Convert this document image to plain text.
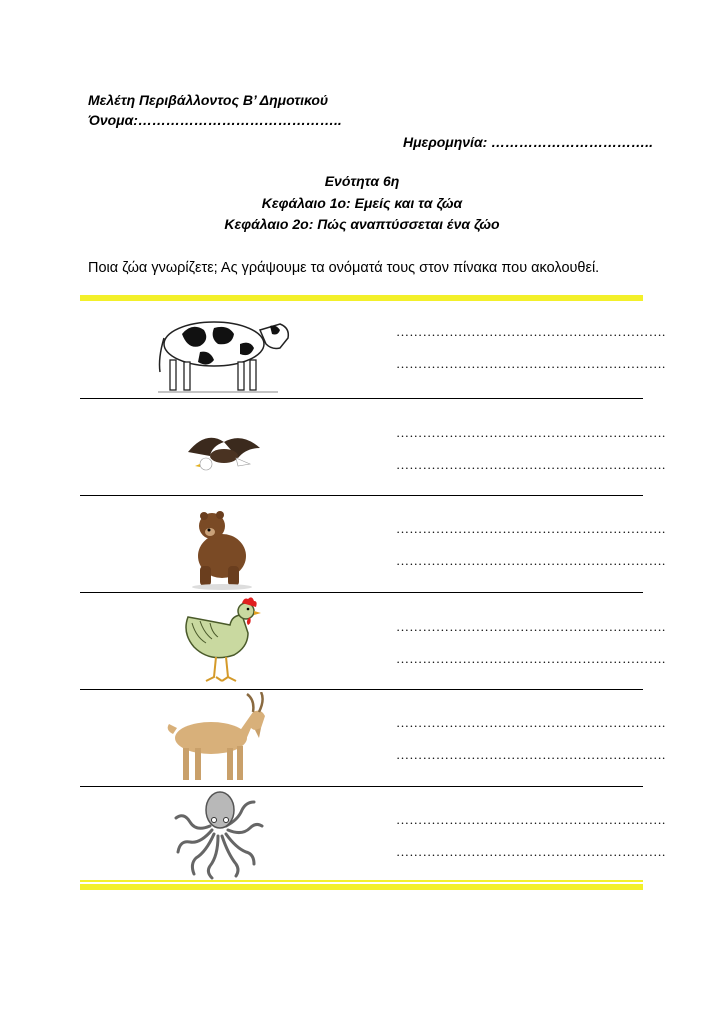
Μελέτη Περιβάλλοντος Β’ Δημοτικού
Όνομα:……………………………………..
Ημερομηνία: ……………………………..
Ενότητα 6η
Κεφάλαιο 1ο: Εμείς και τα ζώα
Κεφάλαιο 2ο: Πώς αναπτύσσεται ένα ζώο
Ποια ζώα γνωρίζετε; Ας γράψουμε τα ονόματά τους στον πίνακα που ακολουθεί.
…………………………………………………….
…………………………………………………….
…………………………………………………….
…………………………………………………….
…………………………………………………….
…………………………………………………….
…………………………………………………….
…………………………………………………….
…………………………………………………….
…………………………………………………….
…………………………………………………….
…………………………………………………….
